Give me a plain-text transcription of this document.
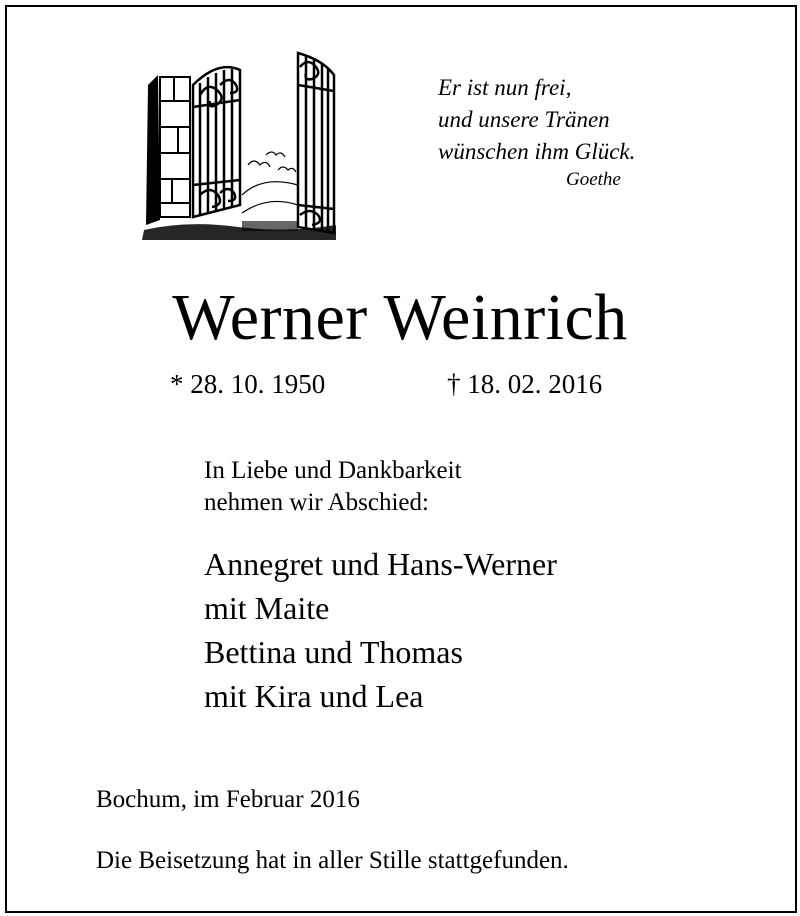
Er ist nun frei,
und unsere Tränen
wünschen ihm Glück.
Goethe
Werner Weinrich
* 28. 10. 1950	† 18. 02. 2016
In Liebe und Dankbarkeit
nehmen wir Abschied:
Annegret und Hans-Werner
mit Maite
Bettina und Thomas
mit Kira und Lea
Bochum, im Februar 2016
Die Beisetzung hat in aller Stille stattgefunden.
